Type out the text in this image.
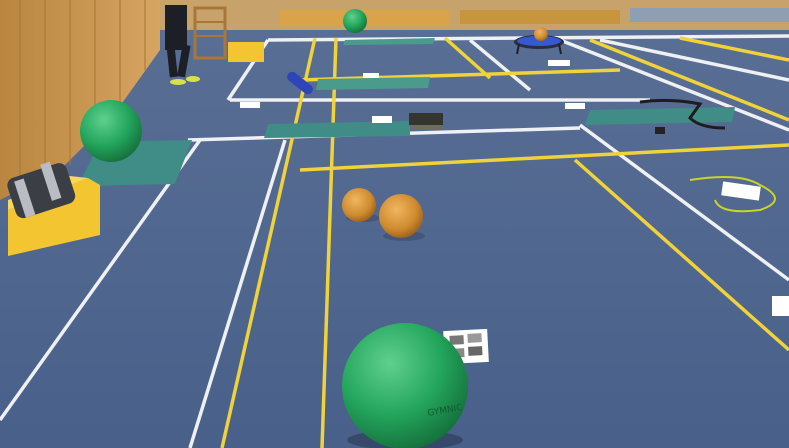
GYMNIC
